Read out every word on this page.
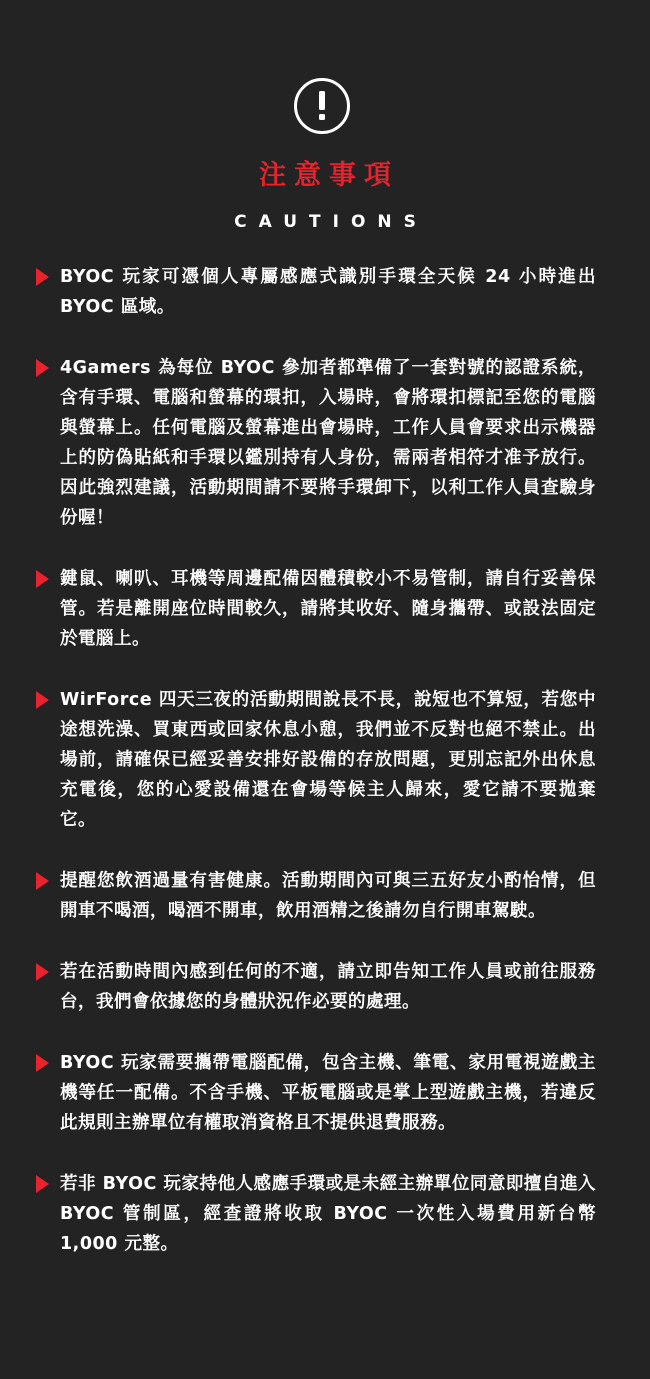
注意事項
CAUTIONS
BYOC 玩家可憑個人專屬感應式識別手環全天候 24 小時進出 BYOC 區域。
4Gamers 為每位 BYOC 參加者都準備了一套對號的認證系統，含有手環、電腦和螢幕的環扣，入場時，會將環扣標記至您的電腦與螢幕上。任何電腦及螢幕進出會場時，工作人員會要求出示機器上的防偽貼紙和手環以鑑別持有人身份，需兩者相符才准予放行。因此強烈建議，活動期間請不要將手環卸下，以利工作人員查驗身份喔！
鍵鼠、喇叭、耳機等周邊配備因體積較小不易管制，請自行妥善保管。若是離開座位時間較久，請將其收好、隨身攜帶、或設法固定於電腦上。
WirForce 四天三夜的活動期間說長不長，說短也不算短，若您中途想洗澡、買東西或回家休息小憩，我們並不反對也絕不禁止。出場前，請確保已經妥善安排好設備的存放問題，更別忘記外出休息充電後，您的心愛設備還在會場等候主人歸來，愛它請不要拋棄它。
提醒您飲酒過量有害健康。活動期間內可與三五好友小酌怡情，但開車不喝酒，喝酒不開車，飲用酒精之後請勿自行開車駕駛。
若在活動時間內感到任何的不適，請立即告知工作人員或前往服務台，我們會依據您的身體狀況作必要的處理。
BYOC 玩家需要攜帶電腦配備，包含主機、筆電、家用電視遊戲主機等任一配備。不含手機、平板電腦或是掌上型遊戲主機，若違反此規則主辦單位有權取消資格且不提供退費服務。
若非 BYOC 玩家持他人感應手環或是未經主辦單位同意即擅自進入 BYOC 管制區，經查證將收取 BYOC 一次性入場費用新台幣 1,000 元整。
